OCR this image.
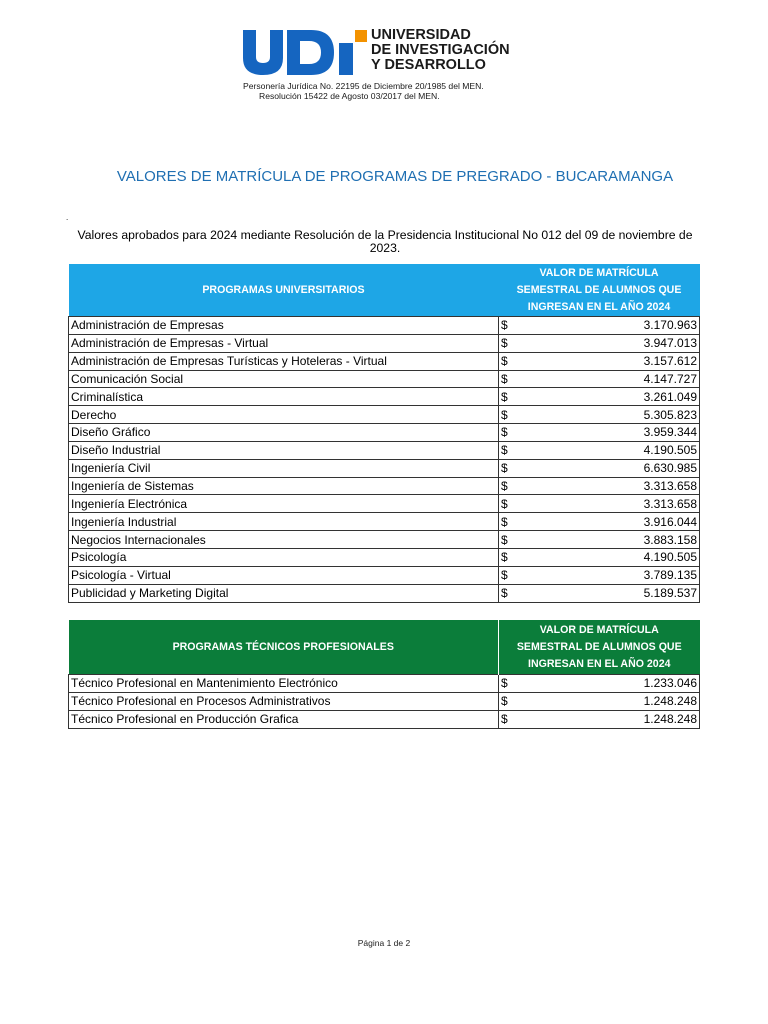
UNIVERSIDAD
DE INVESTIGACIÓN
Y DESARROLLO
Personería Jurídica No. 22195 de Diciembre 20/1985 del MEN.
Resolución 15422 de Agosto 03/2017 del MEN.
VALORES DE MATRÍCULA DE PROGRAMAS DE PREGRADO - BUCARAMANGA
.
Valores aprobados para 2024 mediante Resolución de la Presidencia Institucional No 012 del 09 de noviembre de 2023.
PROGRAMAS UNIVERSITARIOS	VALOR DE MATRÍCULA
SEMESTRAL DE ALUMNOS QUE
INGRESAN EN EL AÑO 2024	

Administración de Empresas	$	3.170.963
Administración de Empresas - Virtual	$	3.947.013
Administración de Empresas Turísticas y Hoteleras - Virtual	$	3.157.612
Comunicación Social	$	4.147.727
Criminalística	$	3.261.049
Derecho	$	5.305.823
Diseño Gráfico	$	3.959.344
Diseño Industrial	$	4.190.505
Ingeniería Civil	$	6.630.985
Ingeniería de Sistemas	$	3.313.658
Ingeniería Electrónica	$	3.313.658
Ingeniería Industrial	$	3.916.044
Negocios Internacionales	$	3.883.158
Psicología	$	4.190.505
Psicología - Virtual	$	3.789.135
Publicidad y Marketing Digital	$	5.189.537
PROGRAMAS TÉCNICOS PROFESIONALES	VALOR DE MATRÍCULA
SEMESTRAL DE ALUMNOS QUE
INGRESAN EN EL AÑO 2024	

Técnico Profesional en Mantenimiento Electrónico	$	1.233.046
Técnico Profesional en Procesos Administrativos	$	1.248.248
Técnico Profesional en Producción Grafica	$	1.248.248
Página 1 de 2
